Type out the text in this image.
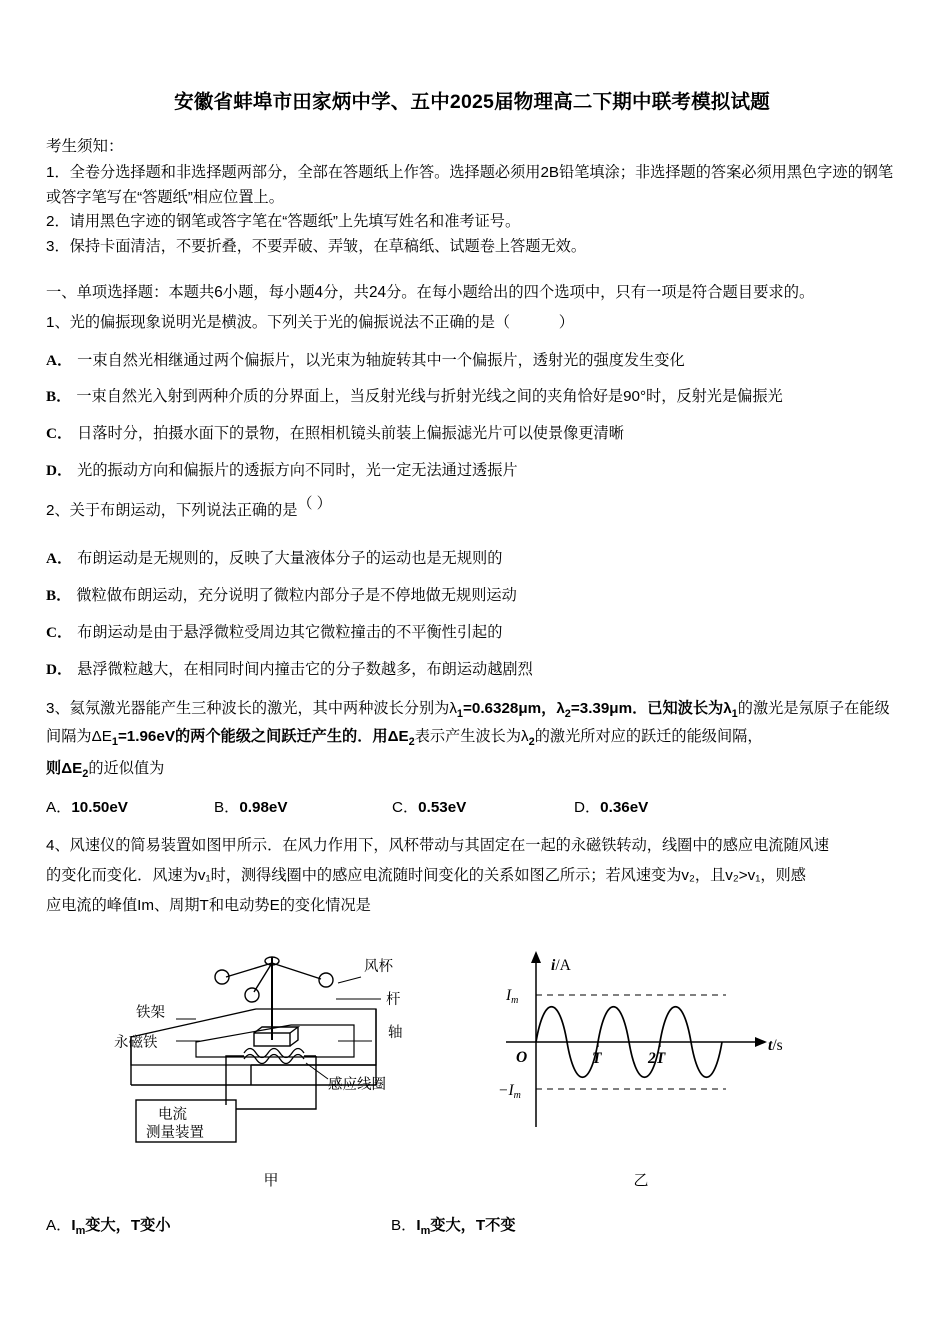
安徽省蚌埠市田家炳中学、五中2025届物理高二下期中联考模拟试题
考生须知：

1．全卷分选择题和非选择题两部分，全部在答题纸上作答。选择题必须用2B铅笔填涂；非选择题的答案必须用黑色字迹的钢笔或答字笔写在“答题纸”相应位置上。

2．请用黑色字迹的钢笔或答字笔在“答题纸”上先填写姓名和准考证号。

3．保持卡面清洁，不要折叠，不要弄破、弄皱，在草稿纸、试题卷上答题无效。

一、单项选择题：本题共6小题，每小题4分，共24分。在每小题给出的四个选项中，只有一项是符合题目要求的。

1、光的偏振现象说明光是横波。下列关于光的偏振说法不正确的是（	）

A． 一束自然光相继通过两个偏振片，以光束为轴旋转其中一个偏振片，透射光的强度发生变化

B． 一束自然光入射到两种介质的分界面上，当反射光线与折射光线之间的夹角恰好是90°时，反射光是偏振光

C． 日落时分，拍摄水面下的景物，在照相机镜头前装上偏振滤光片可以使景像更清晰

D． 光的振动方向和偏振片的透振方向不同时，光一定无法通过透振片

2、关于布朗运动，下列说法正确的是（ ）

A． 布朗运动是无规则的，反映了大量液体分子的运动也是无规则的

B． 微粒做布朗运动，充分说明了微粒内部分子是不停地做无规则运动

C． 布朗运动是由于悬浮微粒受周边其它微粒撞击的不平衡性引起的

D． 悬浮微粒越大，在相同时间内撞击它的分子数越多，布朗运动越剧烈

3、氦氖激光器能产生三种波长的激光，其中两种波长分别为$\lambda_1=0.6328\mu m$，$\lambda_2=3.39\mu m$．已知波长为$\lambda_1$的激光是氖原子在能级间隔为$\Delta E_1=1.96eV$的两个能级之间跃迁产生的．用$\Delta E_2$表示产生波长为$\lambda_2$的激光所对应的跃迁的能级间隔，

则$\Delta E_2$的近似值为

A．10.50eV	B．0.98eV	C．0.53eV	D．0.36eV

4、风速仪的简易装置如图甲所示．在风力作用下，风杯带动与其固定在一起的永磁铁转动，线圈中的感应电流随风速

的变化而变化．风速为v₁时，测得线圈中的感应电流随时间变化的关系如图乙所示；若风速变为v₂，且v₂>v₁，则感

应电流的峰值Im、周期T和电动势E的变化情况是

风杯
铁架
杆
轴
永磁铁
感应线圈
电流
测量装置
甲
i/A
Im
−Im
O	T	2T
t/s
乙
A．$I_m$变大，T变小	B．$I_m$变大，T不变
